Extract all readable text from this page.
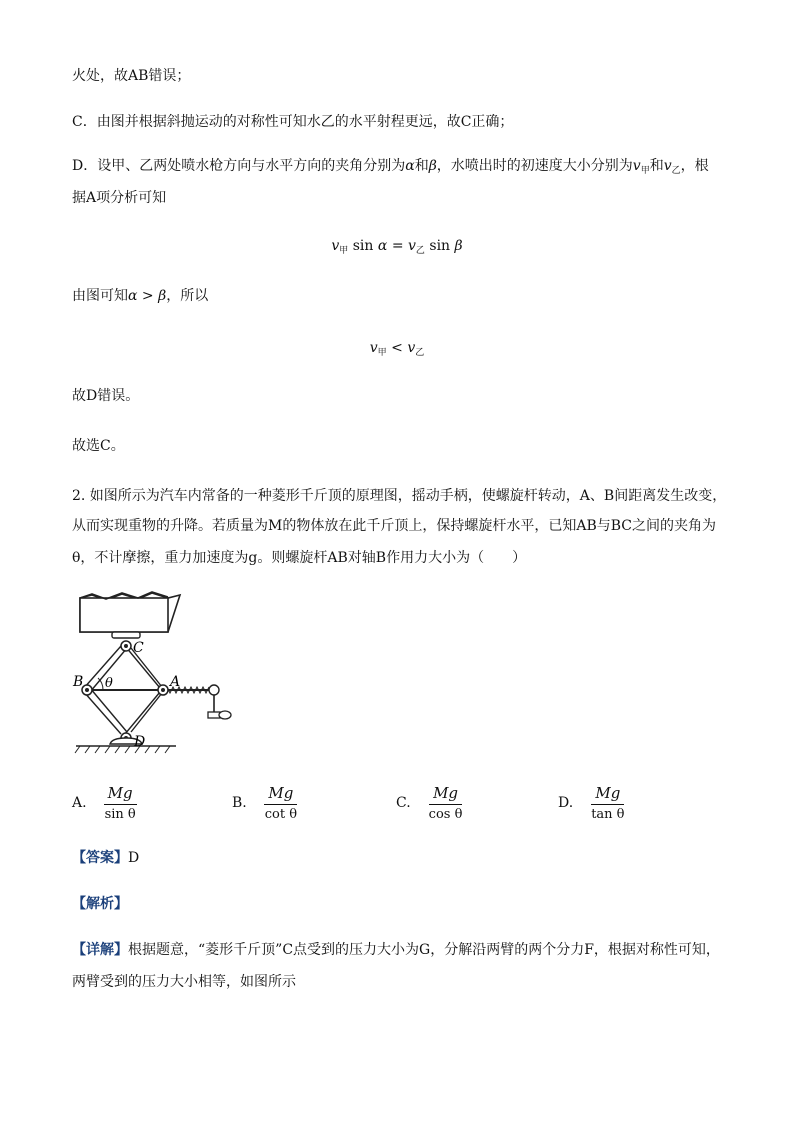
火处，故AB错误；
C．由图并根据斜抛运动的对称性可知水乙的水平射程更远，故C正确；
D．设甲、乙两处喷水枪方向与水平方向的夹角分别为α和β，水喷出时的初速度大小分别为$v_甲$和$v_乙$，根
据A项分析可知
$v_甲$ $\sin \alpha = v_乙$ sin β
由图可知α > β，所以
$v_甲 < v_乙$
故D错误。
故选C。
2. 如图所示为汽车内常备的一种菱形千斤顶的原理图，摇动手柄，使螺旋杆转动，A、B间距离发生改变，
从而实现重物的升降。若质量为M的物体放在此千斤顶上，保持螺旋杆水平，已知AB与BC之间的夹角为
θ，不计摩擦，重力加速度为g。则螺旋杆AB对轴B作用力大小为（　　）
C
B	A
D
θ
A. $\frac{Mg}{\text{sin θ}}$	B. $\frac{Mg}{\text{cot θ}}$	C. $\frac{Mg}{\text{cos θ}}$	D. $\frac{Mg}{\text{tan θ}}$
【答案】D
【解析】
【详解】根据题意，“菱形千斤顶”C点受到的压力大小为G，分解沿两臂的两个分力F，根据对称性可知，
两臂受到的压力大小相等，如图所示
